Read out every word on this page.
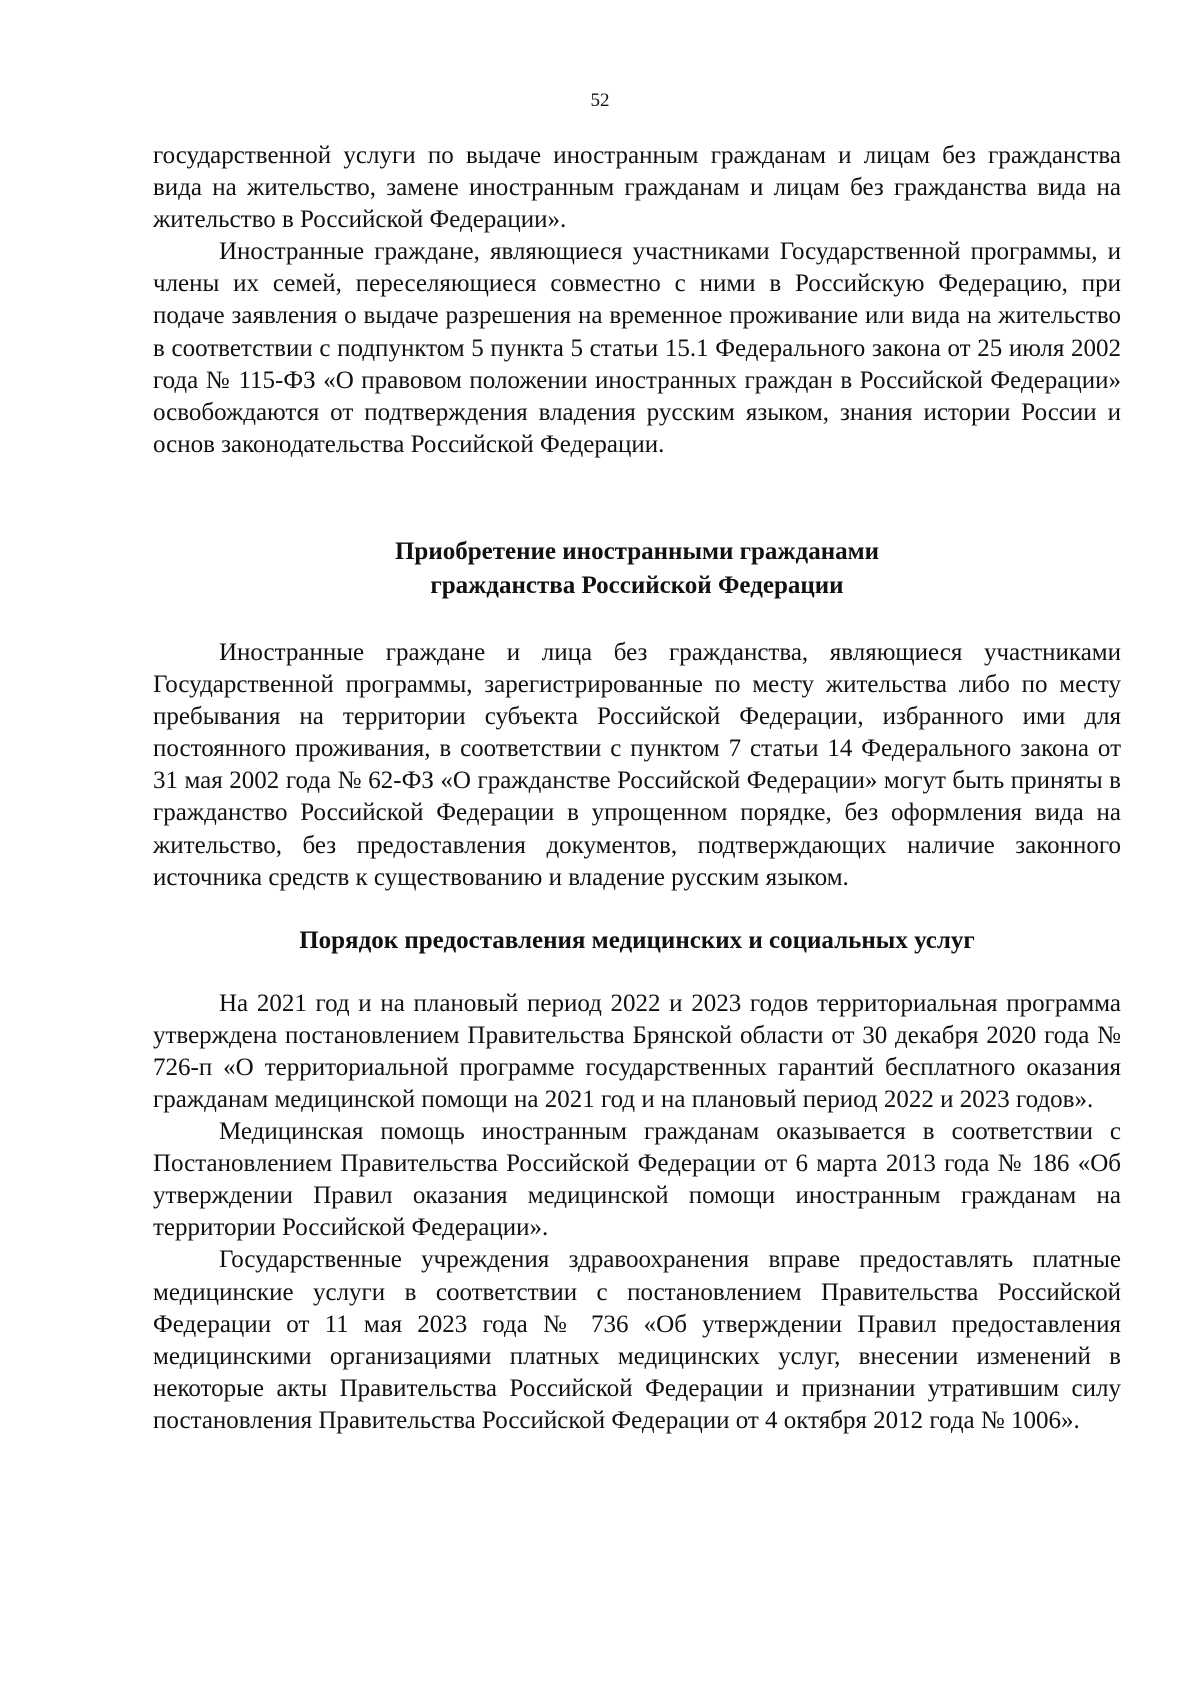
52

государственной услуги по выдаче иностранным гражданам и лицам без гражданства вида на жительство, замене иностранным гражданам и лицам без гражданства вида на жительство в Российской Федерации».

Иностранные граждане, являющиеся участниками Государственной программы, и члены их семей, переселяющиеся совместно с ними в Российскую Федерацию, при подаче заявления о выдаче разрешения на временное проживание или вида на жительство в соответствии с подпунктом 5 пункта 5 статьи 15.1 Федерального закона от 25 июля 2002 года № 115-ФЗ «О правовом положении иностранных граждан в Российской Федерации» освобождаются от подтверждения владения русским языком, знания истории России и основ законодательства Российской Федерации.

Приобретение иностранными гражданами
гражданства Российской Федерации

Иностранные граждане и лица без гражданства, являющиеся участниками Государственной программы, зарегистрированные по месту жительства либо по месту пребывания на территории субъекта Российской Федерации, избранного ими для постоянного проживания, в соответствии с пунктом 7 статьи 14 Федерального закона от 31 мая 2002 года № 62-ФЗ «О гражданстве Российской Федерации» могут быть приняты в гражданство Российской Федерации в упрощенном порядке, без оформления вида на жительство, без предоставления документов, подтверждающих наличие законного источника средств к существованию и владение русским языком.

Порядок предоставления медицинских и социальных услуг

На 2021 год и на плановый период 2022 и 2023 годов территориальная программа утверждена постановлением Правительства Брянской области от 30 декабря 2020 года № 726-п «О территориальной программе государственных гарантий бесплатного оказания гражданам медицинской помощи на 2021 год и на плановый период 2022 и 2023 годов».

Медицинская помощь иностранным гражданам оказывается в соответствии с Постановлением Правительства Российской Федерации от 6 марта 2013 года № 186 «Об утверждении Правил оказания медицинской помощи иностранным гражданам на территории Российской Федерации».

Государственные учреждения здравоохранения вправе предоставлять платные медицинские услуги в соответствии с постановлением Правительства Российской Федерации от 11 мая 2023 года № 736 «Об утверждении Правил предоставления медицинскими организациями платных медицинских услуг, внесении изменений в некоторые акты Правительства Российской Федерации и признании утратившим силу постановления Правительства Российской Федерации от 4 октября 2012 года № 1006».
